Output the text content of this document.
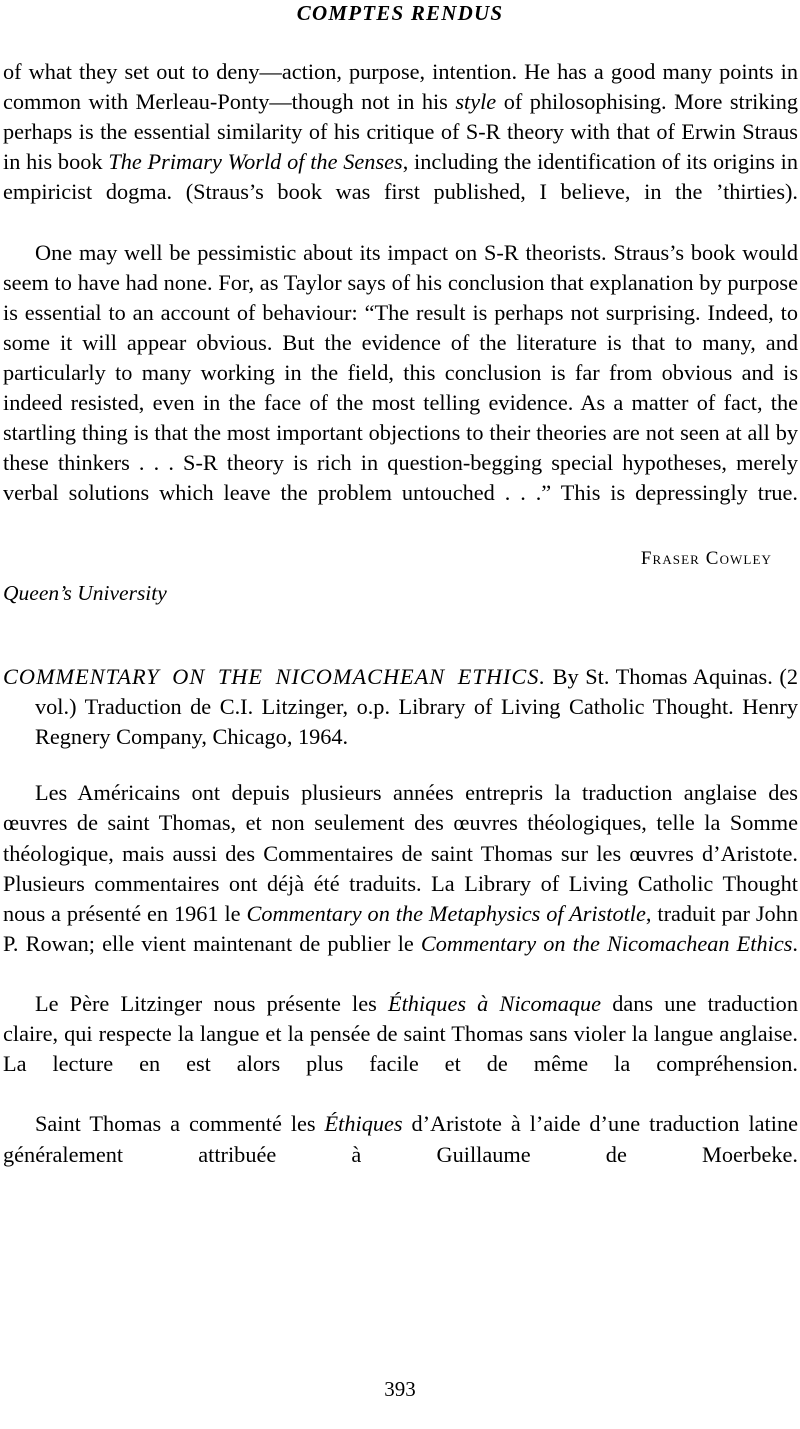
COMPTES RENDUS

of what they set out to deny—action, purpose, intention. He has a good many points in common with Merleau-Ponty—though not in his style of philosophising. More striking perhaps is the essential similarity of his critique of S-R theory with that of Erwin Straus in his book The Primary World of the Senses, including the identification of its origins in empiricist dogma. (Straus’s book was first published, I believe, in the ’thirties).

One may well be pessimistic about its impact on S-R theorists. Straus’s book would seem to have had none. For, as Taylor says of his conclusion that explanation by purpose is essential to an account of behaviour: “The result is perhaps not surprising. Indeed, to some it will appear obvious. But the evidence of the literature is that to many, and particularly to many working in the field, this conclusion is far from obvious and is indeed resisted, even in the face of the most telling evidence. As a matter of fact, the startling thing is that the most important objections to their theories are not seen at all by these thinkers . . . S-R theory is rich in question-begging special hypotheses, merely verbal solutions which leave the problem untouched . . .” This is depressingly true.

Fraser Cowley
Queen’s University

COMMENTARY ON THE NICOMACHEAN ETHICS. By St. Thomas Aquinas. (2 vol.) Traduction de C.I. Litzinger, o.p. Library of Living Catholic Thought. Henry Regnery Company, Chicago, 1964.

Les Américains ont depuis plusieurs années entrepris la traduction anglaise des œuvres de saint Thomas, et non seulement des œuvres théologiques, telle la Somme théologique, mais aussi des Commentaires de saint Thomas sur les œuvres d’Aristote. Plusieurs commentaires ont déjà été traduits. La Library of Living Catholic Thought nous a présenté en 1961 le Commentary on the Metaphysics of Aristotle, traduit par John P. Rowan; elle vient maintenant de publier le Commentary on the Nicomachean Ethics.

Le Père Litzinger nous présente les Éthiques à Nicomaque dans une traduction claire, qui respecte la langue et la pensée de saint Thomas sans violer la langue anglaise. La lecture en est alors plus facile et de même la compréhension.

Saint Thomas a commenté les Éthiques d’Aristote à l’aide d’une traduction latine généralement attribuée à Guillaume de Moerbeke.

393
